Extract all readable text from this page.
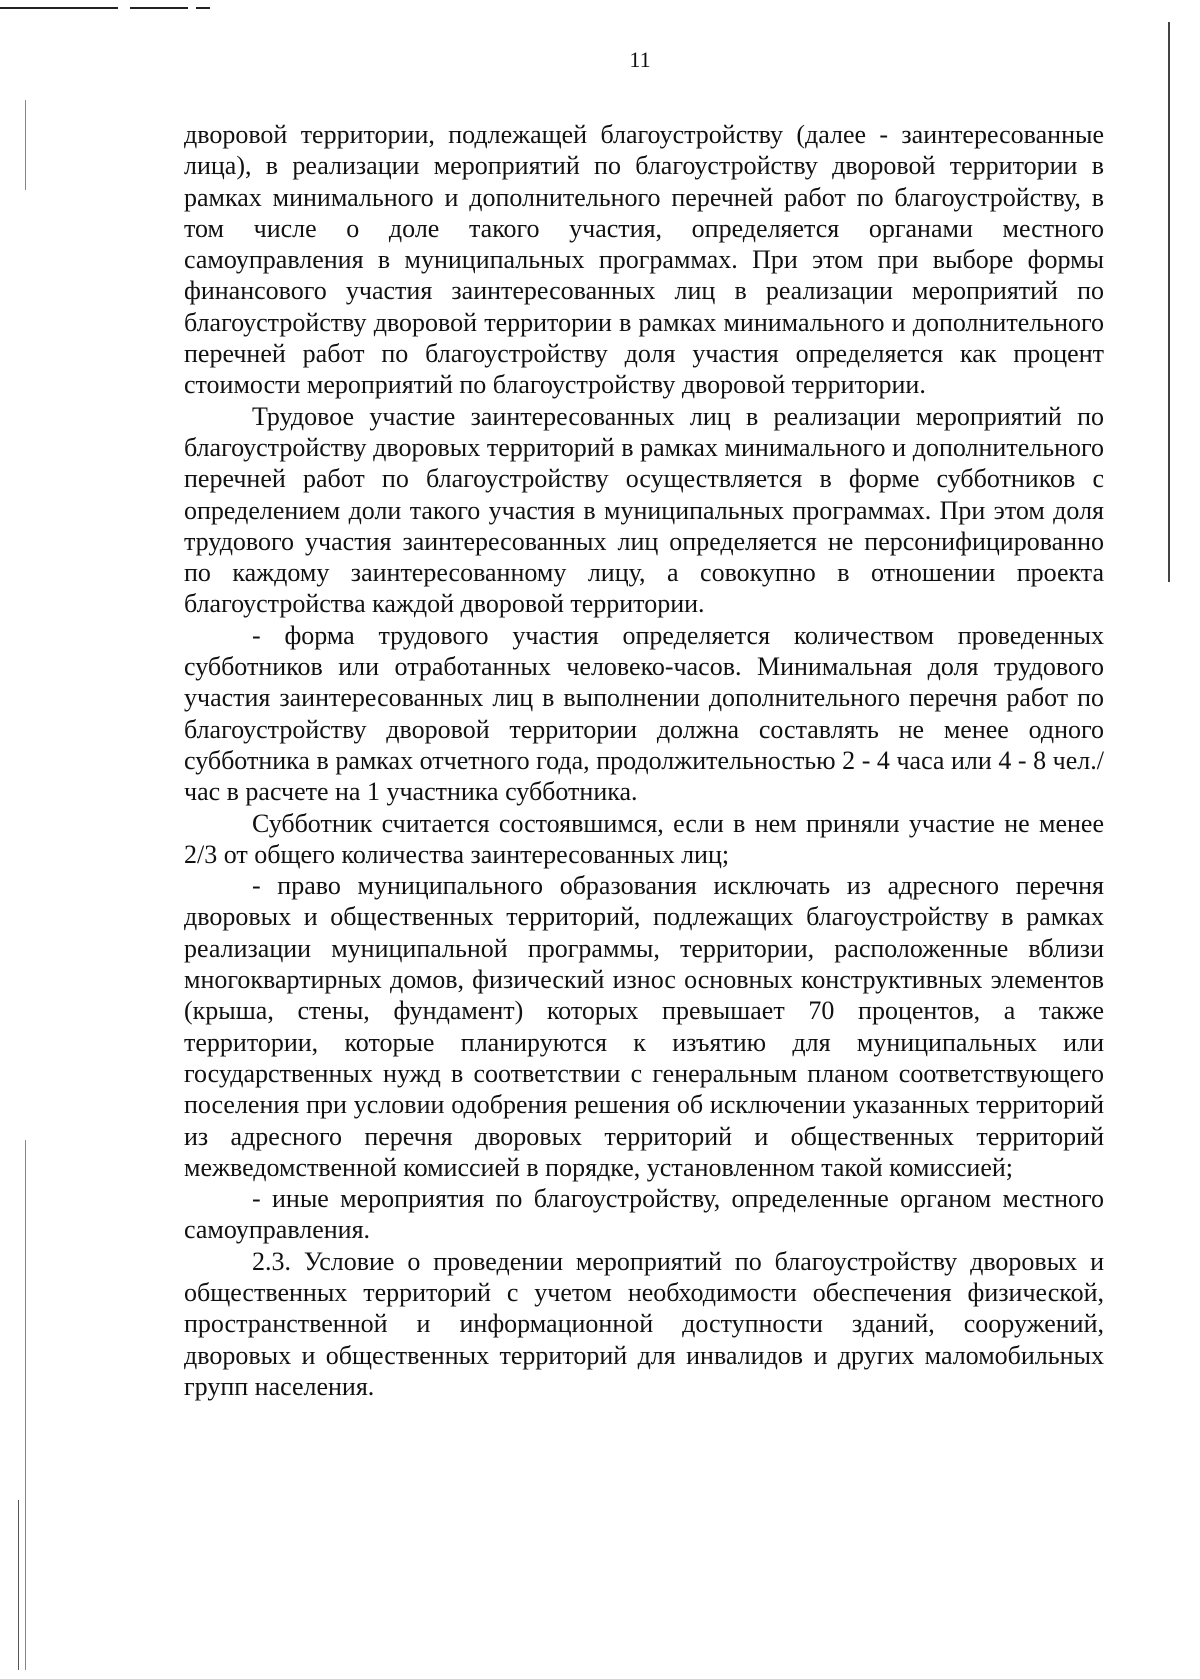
11

дворовой территории, подлежащей благоустройству (далее - заинтересованные лица), в реализации мероприятий по благоустройству дворовой территории в рамках минимального и дополнительного перечней работ по благоустройству, в том числе о доле такого участия, определяется органами местного самоуправления в муниципальных программах. При этом при выборе формы финансового участия заинтересованных лиц в реализации мероприятий по благоустройству дворовой территории в рамках минимального и дополнительного перечней работ по благоустройству доля участия определяется как процент стоимости мероприятий по благоустройству дворовой территории.

Трудовое участие заинтересованных лиц в реализации мероприятий по благоустройству дворовых территорий в рамках минимального и дополнительного перечней работ по благоустройству осуществляется в форме субботников с определением доли такого участия в муниципальных программах. При этом доля трудового участия заинтересованных лиц определяется не персонифицированно по каждому заинтересованному лицу, а совокупно в отношении проекта благоустройства каждой дворовой территории.

- форма трудового участия определяется количеством проведенных субботников или отработанных человеко-часов. Минимальная доля трудового участия заинтересованных лиц в выполнении дополнительного перечня работ по благоустройству дворовой территории должна составлять не менее одного субботника в рамках отчетного года, продолжительностью 2 - 4 часа или 4 - 8 чел./час в расчете на 1 участника субботника.

Субботник считается состоявшимся, если в нем приняли участие не менее 2/3 от общего количества заинтересованных лиц;

- право муниципального образования исключать из адресного перечня дворовых и общественных территорий, подлежащих благоустройству в рамках реализации муниципальной программы, территории, расположенные вблизи многоквартирных домов, физический износ основных конструктивных элементов (крыша, стены, фундамент) которых превышает 70 процентов, а также территории, которые планируются к изъятию для муниципальных или государственных нужд в соответствии с генеральным планом соответствующего поселения при условии одобрения решения об исключении указанных территорий из адресного перечня дворовых территорий и общественных территорий межведомственной комиссией в порядке, установленном такой комиссией;

- иные мероприятия по благоустройству, определенные органом местного самоуправления.

2.3. Условие о проведении мероприятий по благоустройству дворовых и общественных территорий с учетом необходимости обеспечения физической, пространственной и информационной доступности зданий, сооружений, дворовых и общественных территорий для инвалидов и других маломобильных групп населения.
